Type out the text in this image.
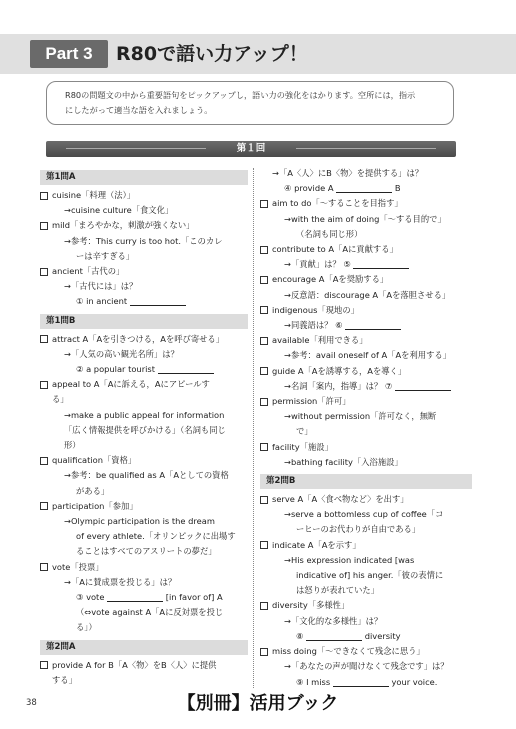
Part 3	R80で語い力アップ！
R80の問題文の中から重要語句をピックアップし，語い力の強化をはかります。空所には，指示
にしたがって適当な語を入れましょう。
第１回
第1問A
cuisine「料理（法）」
→cuisine culture「食文化」
mild「まろやかな，刺激が強くない」
→参考：This curry is too hot.「このカレ
ーは辛すぎる」
ancient「古代の」
→「古代には」は？
① in ancient
第1問B
attract A「Aを引きつける，Aを呼び寄せる」
→「人気の高い観光名所」は？
② a popular tourist
appeal to A「Aに訴える，Aにアピールす
る」
→make a public appeal for information
「広く情報提供を呼びかける」（名詞も同じ
形）
qualification「資格」
→参考：be qualified as A「Aとしての資格
がある」
participation「参加」
→Olympic participation is the dream
of every athlete.「オリンピックに出場す
ることはすべてのアスリートの夢だ」
vote「投票」
→「Aに賛成票を投じる」は？
③ vote	[in favor of] A
（⇔vote against A「Aに反対票を投じ
る」）
第2問A
provide A for B「A〈物〉をB〈人〉に提供
する」
→「A〈人〉にB〈物〉を提供する」は？
④ provide A	B
aim to do「～することを目指す」
→with the aim of doing「～する目的で」
（名詞も同じ形）
contribute to A「Aに貢献する」
→「貢献」は？ ⑤
encourage A「Aを奨励する」
→反意語：discourage A「Aを落胆させる」
indigenous「現地の」
→同義語は？ ⑥
available「利用できる」
→参考：avail oneself of A「Aを利用する」
guide A「Aを誘導する，Aを導く」
→名詞「案内，指導」は？ ⑦
permission「許可」
→without permission「許可なく，無断
で」
facility「施設」
→bathing facility「入浴施設」
第2問B
serve A「A〈食べ物など〉を出す」
→serve a bottomless cup of coffee「コ
ーヒーのお代わりが自由である」
indicate A「Aを示す」
→His expression indicated [was
indicative of] his anger.「彼の表情に
は怒りが表れていた」
diversity「多様性」
→「文化的な多様性」は？
⑧	diversity
miss doing「～できなくて残念に思う」
→「あなたの声が聞けなくて残念です」は？
⑨ I miss	your voice.
38	【別冊】活用ブック
